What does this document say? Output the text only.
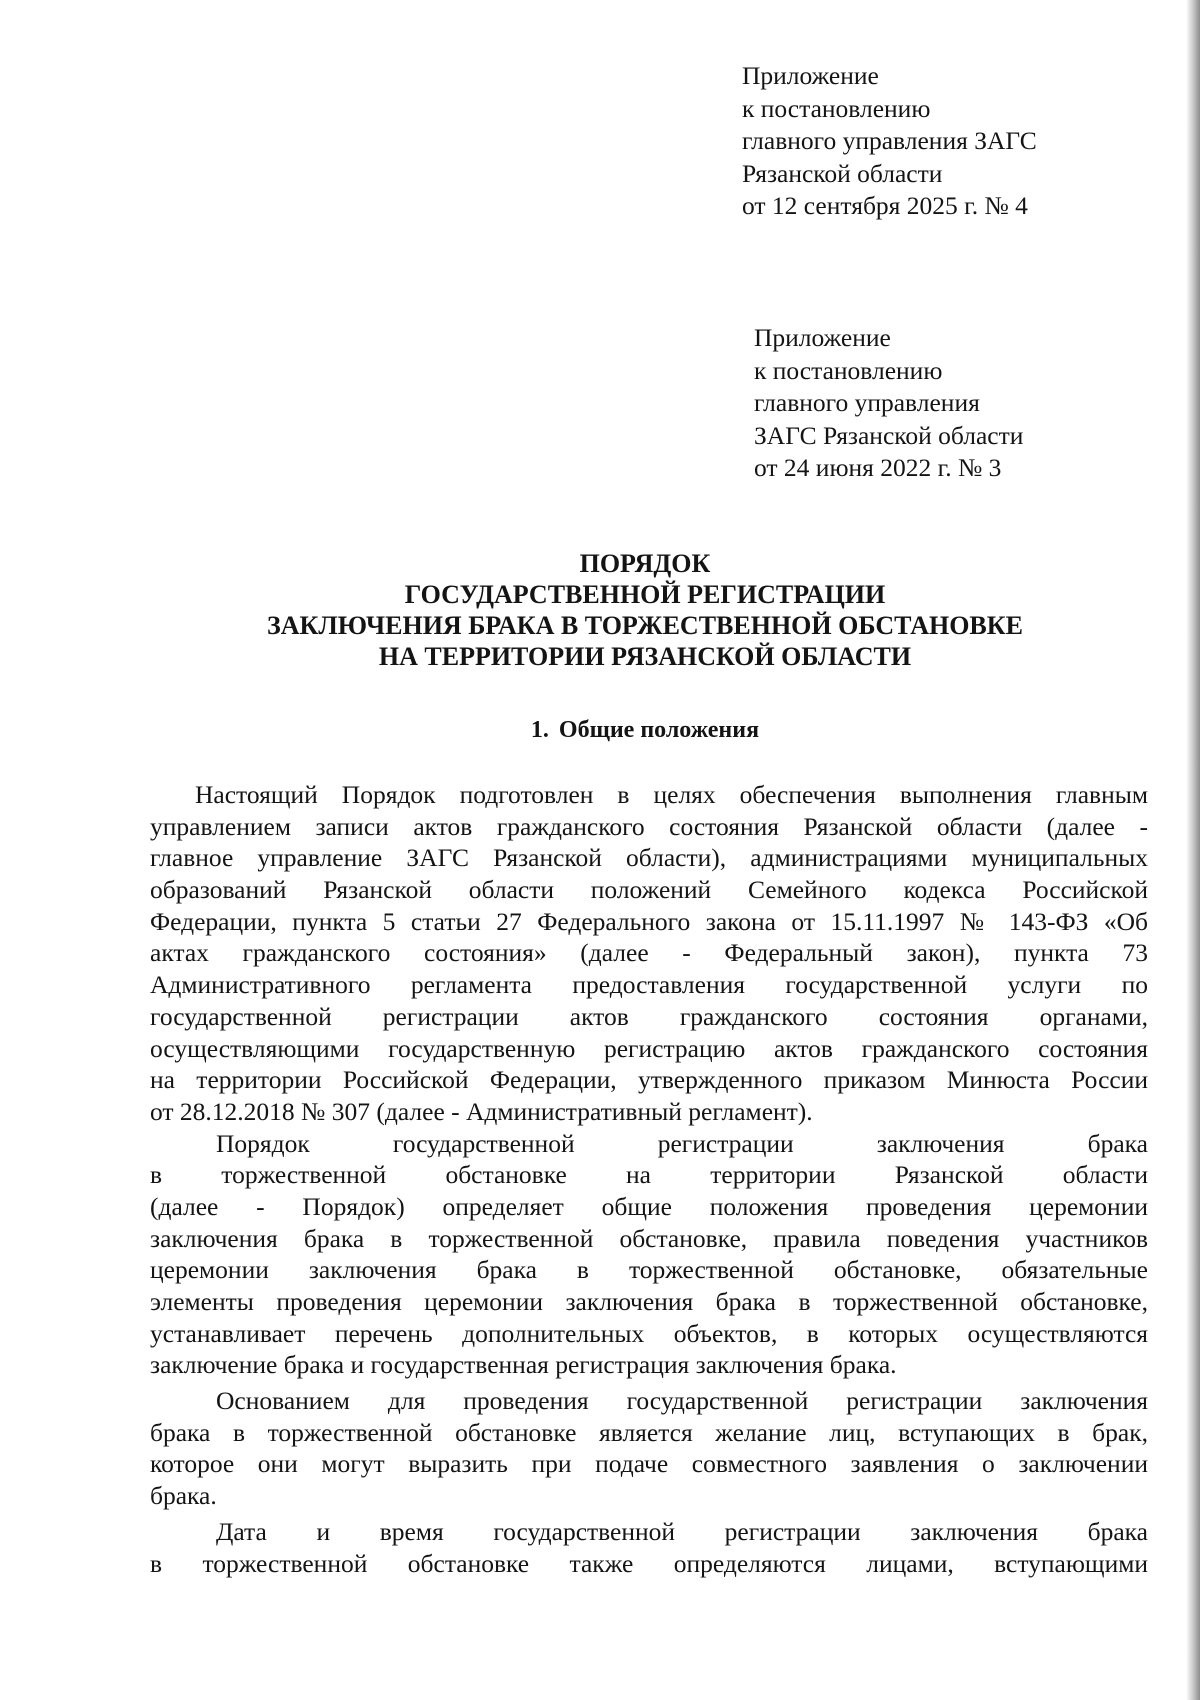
Приложение
к постановлению
главного управления ЗАГС
Рязанской области
от 12 сентября 2025 г. № 4
Приложение
к постановлению
главного управления
ЗАГС Рязанской области
от 24 июня 2022 г. № 3
ПОРЯДОК
ГОСУДАРСТВЕННОЙ РЕГИСТРАЦИИ
ЗАКЛЮЧЕНИЯ БРАКА В ТОРЖЕСТВЕННОЙ ОБСТАНОВКЕ
НА ТЕРРИТОРИИ РЯЗАНСКОЙ ОБЛАСТИ
1. Общие положения
Настоящий Порядок подготовлен в целях обеспечения выполнения главным
управлением записи актов гражданского состояния Рязанской области (далее -
главное управление ЗАГС Рязанской области), администрациями муниципальных
образований Рязанской области положений Семейного кодекса Российской
Федерации, пункта 5 статьи 27 Федерального закона от 15.11.1997 № 143-ФЗ «Об
актах гражданского состояния» (далее - Федеральный закон), пункта 73
Административного регламента предоставления государственной услуги по
государственной регистрации актов гражданского состояния органами,
осуществляющими государственную регистрацию актов гражданского состояния
на территории Российской Федерации, утвержденного приказом Минюста России
от 28.12.2018 № 307 (далее - Административный регламент).
Порядок государственной регистрации заключения брака
в торжественной обстановке на территории Рязанской области
(далее - Порядок) определяет общие положения проведения церемонии
заключения брака в торжественной обстановке, правила поведения участников
церемонии заключения брака в торжественной обстановке, обязательные
элементы проведения церемонии заключения брака в торжественной обстановке,
устанавливает перечень дополнительных объектов, в которых осуществляются
заключение брака и государственная регистрация заключения брака.
Основанием для проведения государственной регистрации заключения
брака в торжественной обстановке является желание лиц, вступающих в брак,
которое они могут выразить при подаче совместного заявления о заключении
брака.
Дата и время государственной регистрации заключения брака
в торжественной обстановке также определяются лицами, вступающими
